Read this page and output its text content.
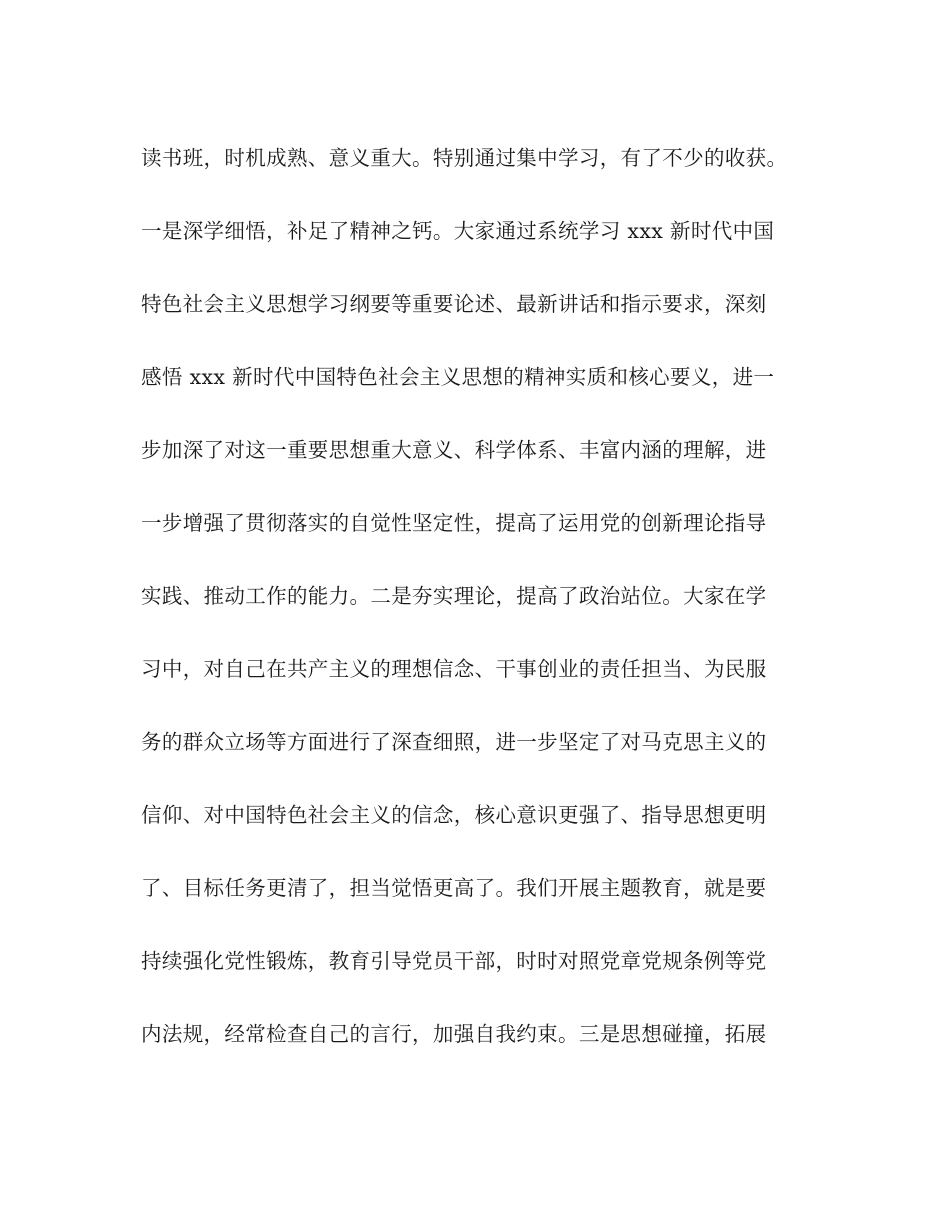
读书班，时机成熟、意义重大。特别通过集中学习，有了不少的收获。
一是深学细悟，补足了精神之钙。大家通过系统学习 xxx 新时代中国
特色社会主义思想学习纲要等重要论述、最新讲话和指示要求，深刻
感悟 xxx 新时代中国特色社会主义思想的精神实质和核心要义，进一
步加深了对这一重要思想重大意义、科学体系、丰富内涵的理解，进
一步增强了贯彻落实的自觉性坚定性，提高了运用党的创新理论指导
实践、推动工作的能力。二是夯实理论，提高了政治站位。大家在学
习中，对自己在共产主义的理想信念、干事创业的责任担当、为民服
务的群众立场等方面进行了深查细照，进一步坚定了对马克思主义的
信仰、对中国特色社会主义的信念，核心意识更强了、指导思想更明
了、目标任务更清了，担当觉悟更高了。我们开展主题教育，就是要
持续强化党性锻炼，教育引导党员干部，时时对照党章党规条例等党
内法规，经常检查自己的言行，加强自我约束。三是思想碰撞，拓展
